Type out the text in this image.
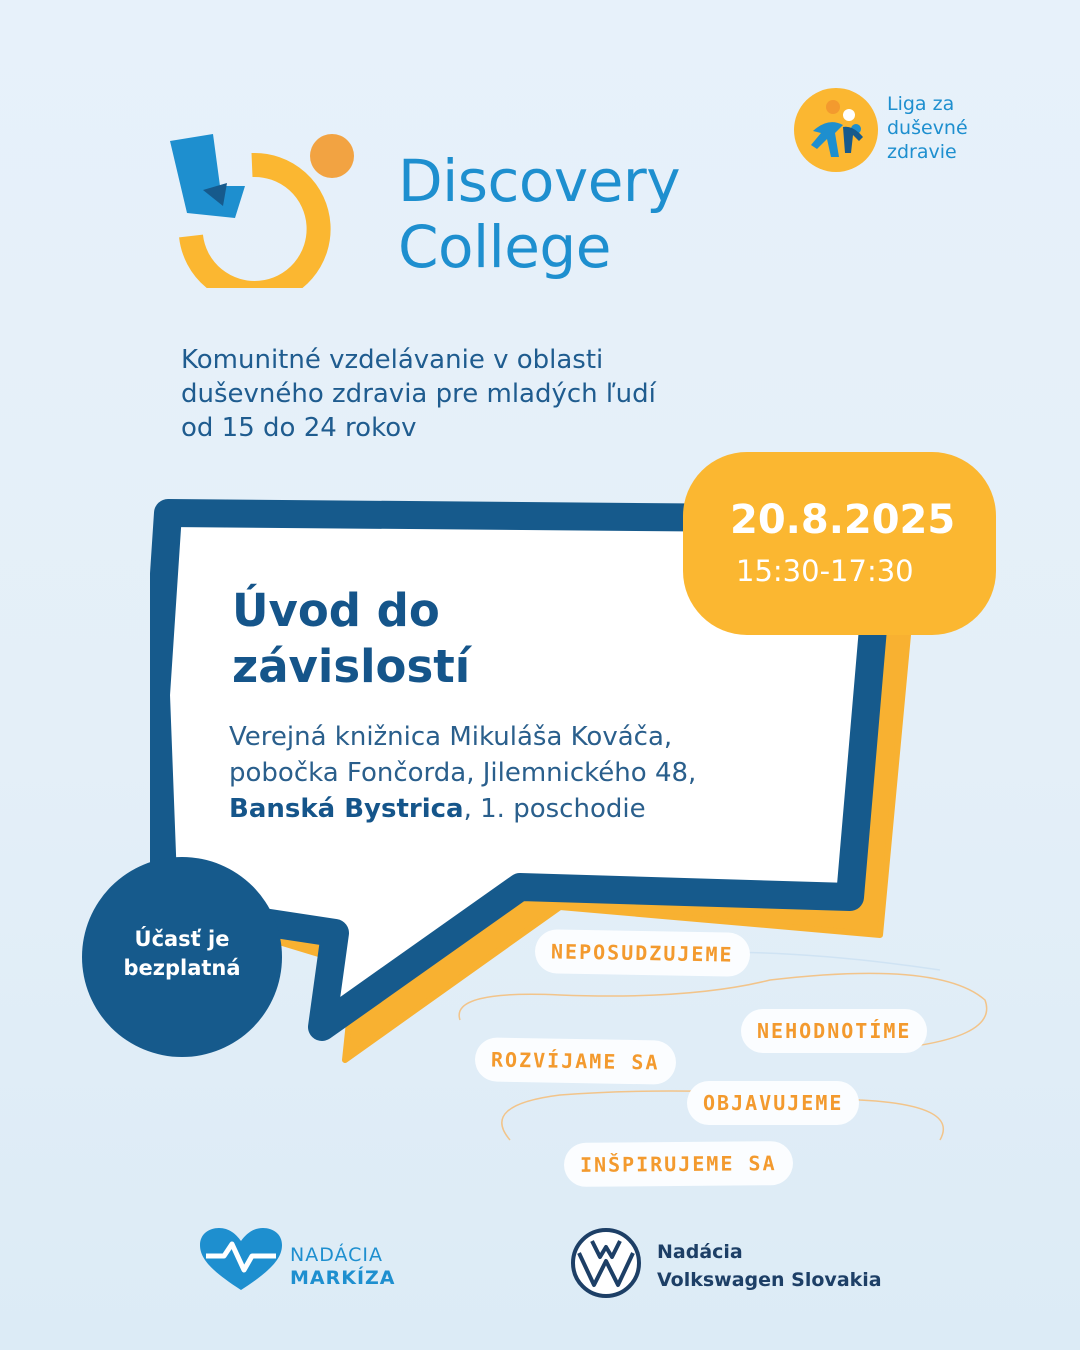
Discovery
College
Liga za
duševné
zdravie
Komunitné vzdelávanie v oblasti
duševného zdravia pre mladých ľudí
od 15 do 24 rokov
Úvod do
závislostí
Verejná knižnica Mikuláša Kováča,
pobočka Fončorda, Jilemnického 48,
Banská Bystrica, 1. poschodie
20.8.2025
15:30-17:30
Účasť je
bezplatná
NEPOSUDZUJEME
NEHODNOTÍME
ROZVÍJAME SA
OBJAVUJEME
INŠPIRUJEME SA
NADÁCIA
MARKÍZA
Nadácia
Volkswagen Slovakia
